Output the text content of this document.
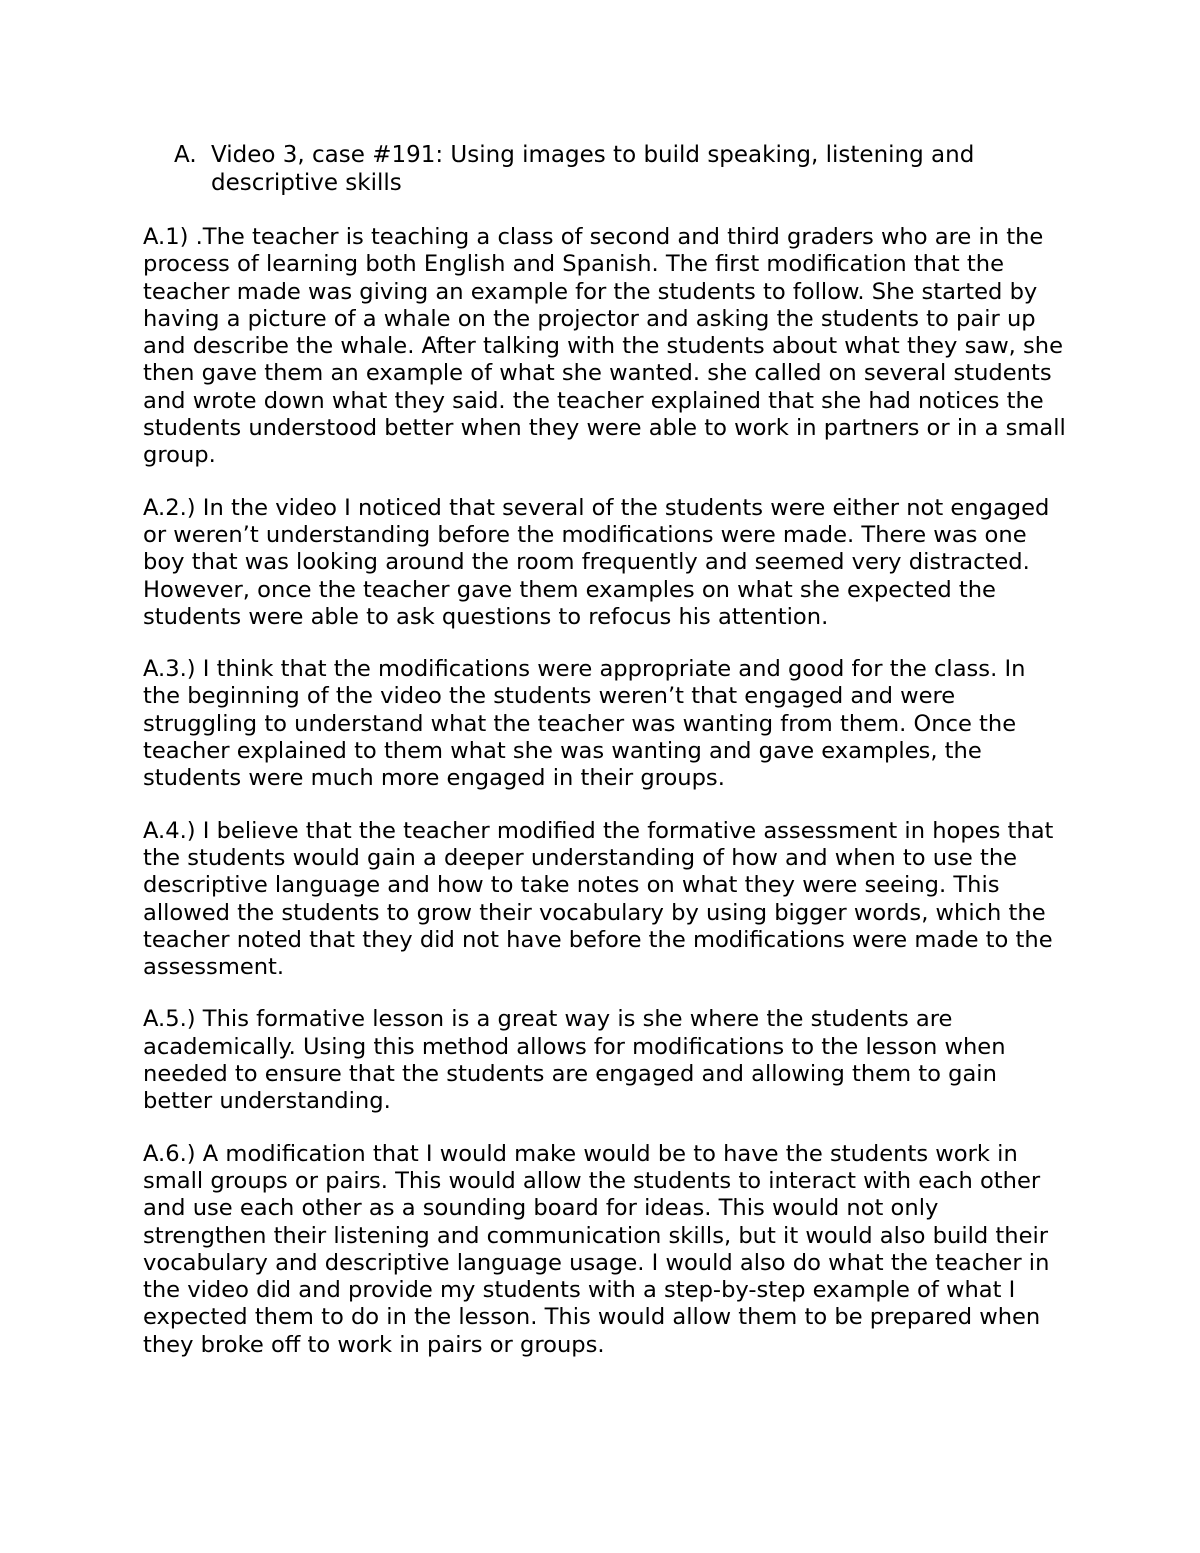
A. Video 3, case #191: Using images to build speaking, listening and descriptive skills

A.1) .The teacher is teaching a class of second and third graders who are in the process of learning both English and Spanish. The first modification that the teacher made was giving an example for the students to follow. She started by having a picture of a whale on the projector and asking the students to pair up and describe the whale. After talking with the students about what they saw, she then gave them an example of what she wanted. she called on several students and wrote down what they said. the teacher explained that she had notices the students understood better when they were able to work in partners or in a small group.

A.2.) In the video I noticed that several of the students were either not engaged or weren’t understanding before the modifications were made. There was one boy that was looking around the room frequently and seemed very distracted. However, once the teacher gave them examples on what she expected the students were able to ask questions to refocus his attention.

A.3.) I think that the modifications were appropriate and good for the class. In the beginning of the video the students weren’t that engaged and were struggling to understand what the teacher was wanting from them. Once the teacher explained to them what she was wanting and gave examples, the students were much more engaged in their groups.

A.4.) I believe that the teacher modified the formative assessment in hopes that the students would gain a deeper understanding of how and when to use the descriptive language and how to take notes on what they were seeing. This allowed the students to grow their vocabulary by using bigger words, which the teacher noted that they did not have before the modifications were made to the assessment.

A.5.) This formative lesson is a great way is she where the students are academically. Using this method allows for modifications to the lesson when needed to ensure that the students are engaged and allowing them to gain better understanding.

A.6.) A modification that I would make would be to have the students work in small groups or pairs. This would allow the students to interact with each other and use each other as a sounding board for ideas. This would not only strengthen their listening and communication skills, but it would also build their vocabulary and descriptive language usage. I would also do what the teacher in the video did and provide my students with a step-by-step example of what I expected them to do in the lesson. This would allow them to be prepared when they broke off to work in pairs or groups.
